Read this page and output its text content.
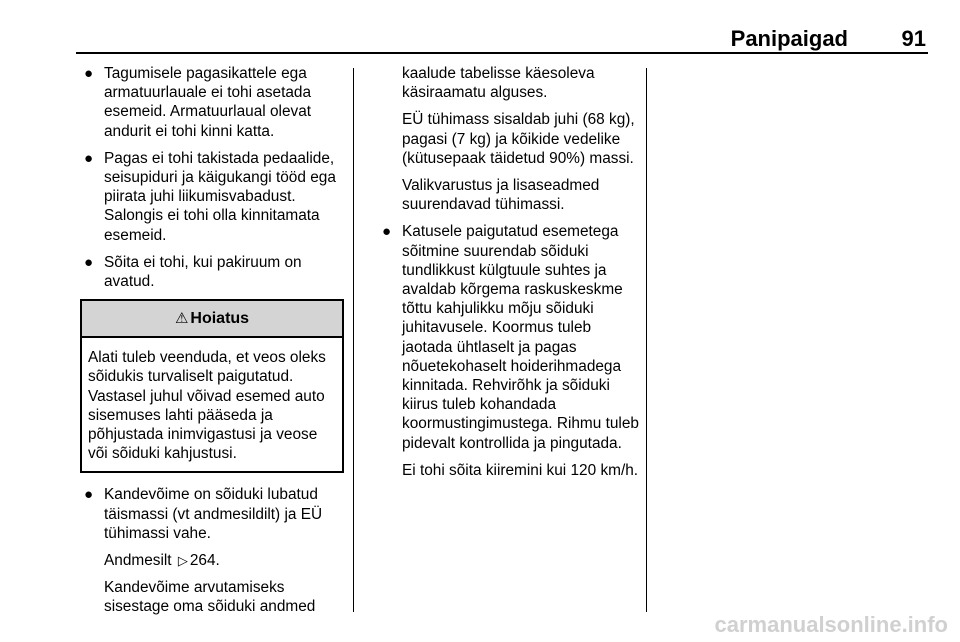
Panipaigad 91
● Tagumisele pagasikattele ega armatuurlauale ei tohi asetada esemeid. Armatuurlaual olevat andurit ei tohi kinni katta.
● Pagas ei tohi takistada pedaalide, seisupiduri ja käigukangi tööd ega piirata juhi liikumisvabadust. Salongis ei tohi olla kinnitamata esemeid.
● Sõita ei tohi, kui pakiruum on avatud.
⚠ Hoiatus
Alati tuleb veenduda, et veos oleks sõidukis turvaliselt paigutatud. Vastasel juhul võivad esemed auto sisemuses lahti pääseda ja põhjustada inimvigastusi ja veose või sõiduki kahjustusi.
● Kandevõime on sõiduki lubatud täismassi (vt andmesildilt) ja EÜ tühimassi vahe.
Andmesilt ▷ 264.
Kandevõime arvutamiseks sisestage oma sõiduki andmed
kaalude tabelisse käesoleva käsiraamatu alguses.
EÜ tühimass sisaldab juhi (68 kg), pagasi (7 kg) ja kõikide vedelike (kütusepaak täidetud 90%) massi.
Valikvarustus ja lisaseadmed suurendavad tühimassi.
● Katusele paigutatud esemetega sõitmine suurendab sõiduki tundlikkust külgtuule suhtes ja avaldab kõrgema raskuskeskme tõttu kahjulikku mõju sõiduki juhitavusele. Koormus tuleb jaotada ühtlaselt ja pagas nõuetekohaselt hoiderihmadega kinnitada. Rehvirõhk ja sõiduki kiirus tuleb kohandada koormustingimustega. Rihmu tuleb pidevalt kontrollida ja pingutada.
Ei tohi sõita kiiremini kui 120 km/h.
carmanualsonline.info
